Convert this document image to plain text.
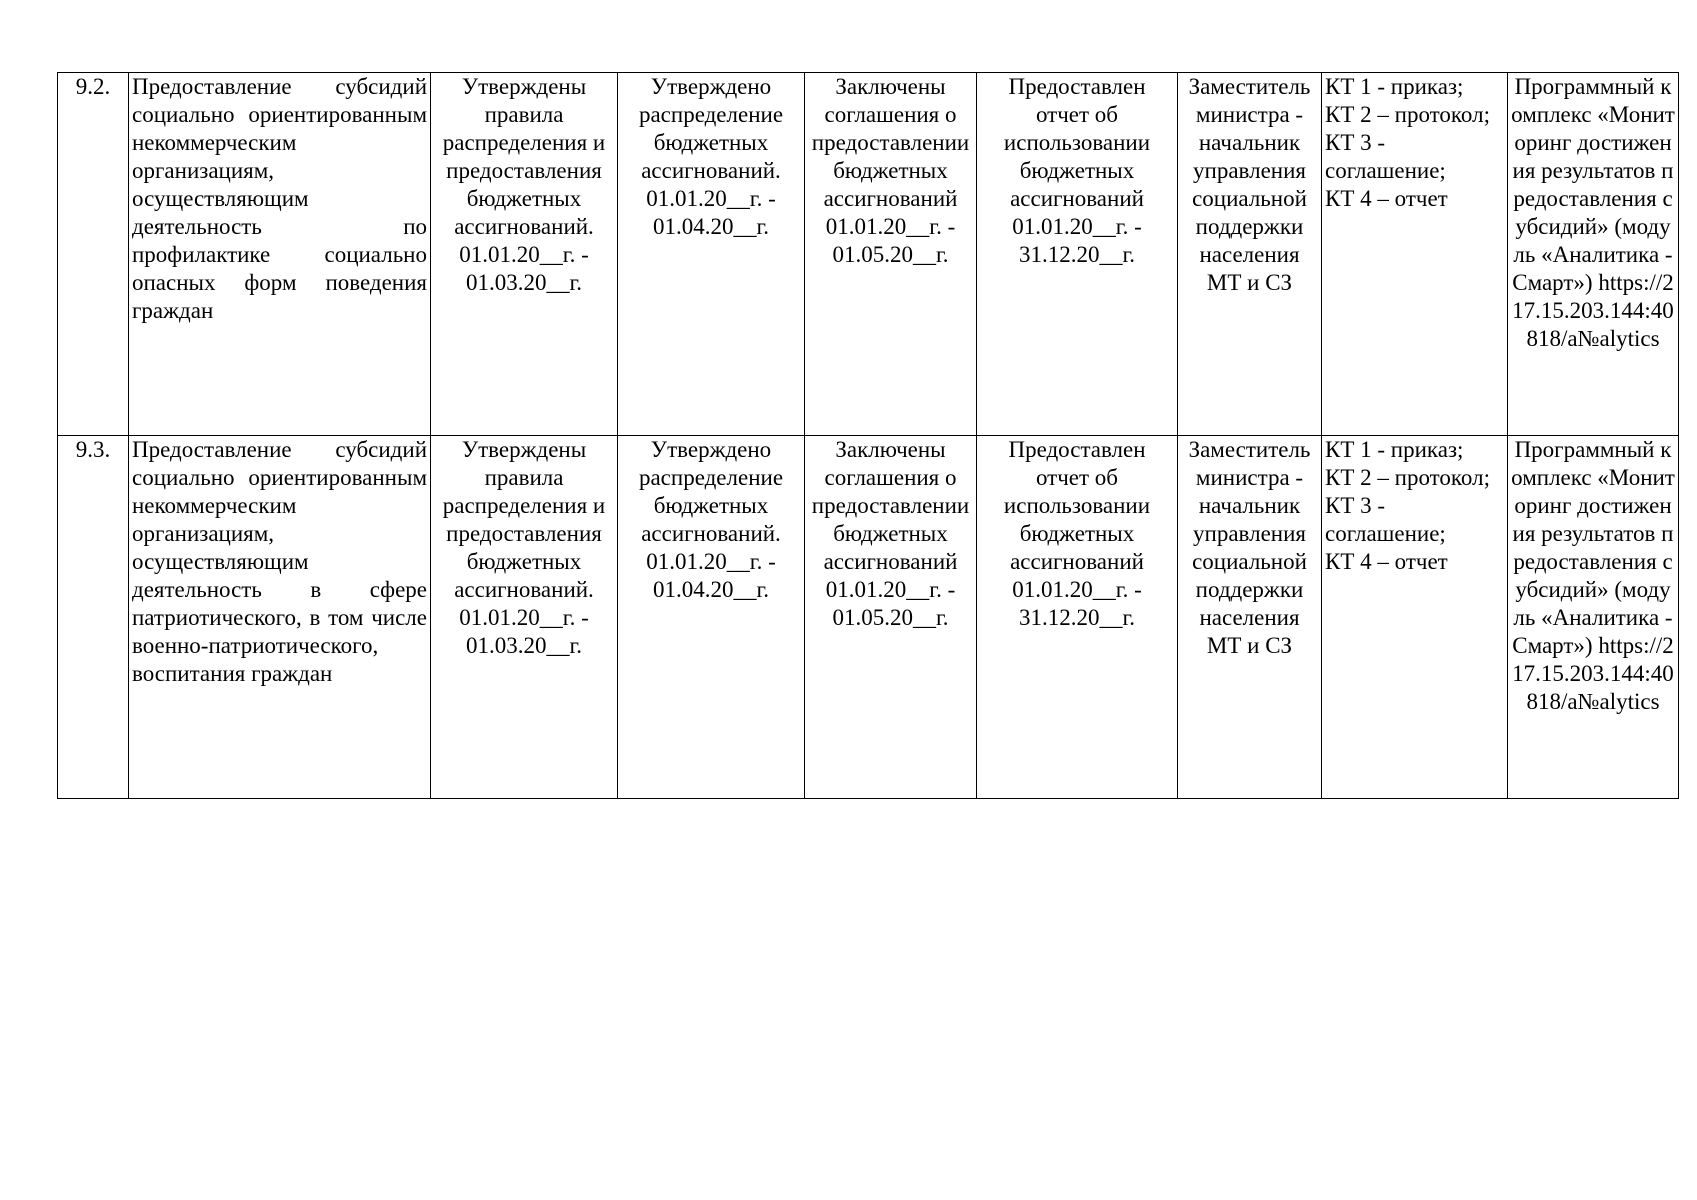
9.2.	Предоставление субсидий социально ориентированным некоммерческим организациям, осуществляющим деятельность по профилактике социально опасных форм поведения граждан	Утверждены правила распределения и предоставления бюджетных ассигнований. 01.01.20__г. - 01.03.20__г.	Утверждено распределение бюджетных ассигнований. 01.01.20__г. - 01.04.20__г.	Заключены соглашения о предоставлении бюджетных ассигнований 01.01.20__г. - 01.05.20__г.	Предоставлен отчет об использовании бюджетных ассигнований 01.01.20__г. - 31.12.20__г.	Заместитель министра - начальник управления социальной поддержки населения МТ и СЗ	КТ 1 - приказ;
КТ 2 – протокол;
КТ 3 - соглашение;
КТ 4 – отчет	Программный комплекс «Мониторинг достижения результатов предоставления субсидий» (модуль «Аналитика - Смарт») https://217.15.203.144:40818/a№alytics

9.3.	Предоставление субсидий социально ориентированным некоммерческим организациям, осуществляющим деятельность в сфере патриотического, в том числе военно-патриотического, воспитания граждан	Утверждены правила распределения и предоставления бюджетных ассигнований. 01.01.20__г. - 01.03.20__г.	Утверждено распределение бюджетных ассигнований. 01.01.20__г. - 01.04.20__г.	Заключены соглашения о предоставлении бюджетных ассигнований 01.01.20__г. - 01.05.20__г.	Предоставлен отчет об использовании бюджетных ассигнований 01.01.20__г. - 31.12.20__г.	Заместитель министра - начальник управления социальной поддержки населения МТ и СЗ	КТ 1 - приказ;
КТ 2 – протокол;
КТ 3 - соглашение;
КТ 4 – отчет	Программный комплекс «Мониторинг достижения результатов предоставления субсидий» (модуль «Аналитика - Смарт») https://217.15.203.144:40818/a№alytics
